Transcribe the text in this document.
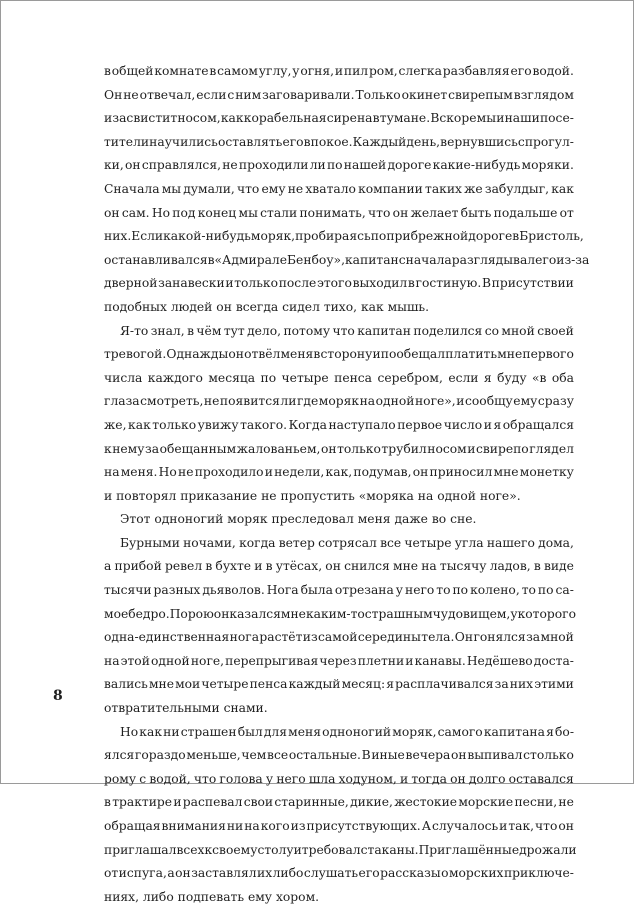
в общей комнате в самом углу, у огня, и пил ром, слегка разбавляя его водой.
Он не отвечал, если с ним заговаривали. Только окинет свирепым взглядом
и засвистит носом, как корабельная сирена в тумане. Вскоре мы и наши посе-
тители научились оставлять его в покое. Каждый день, вернувшись с прогул-
ки, он справлялся, не проходили ли по нашей дороге какие-нибудь моряки.
Сначала мы думали, что ему не хватало компании таких же забулдыг, как
он сам. Но под конец мы стали понимать, что он желает быть подальше от
них. Если какой-нибудь моряк, пробираясь по прибрежной дороге в Бристоль,
останавливался в «Адмирале Бенбоу», капитан сначала разглядывал его из-за
дверной занавески и только после этого выходил в гостиную. В присутствии
подобных людей он всегда сидел тихо, как мышь.
Я-то знал, в чём тут дело, потому что капитан поделился со мной своей
тревогой. Однажды он отвёл меня в сторону и пообещал платить мне первого
числа каждого месяца по четыре пенса серебром, если я буду «в оба
глаза смотреть, не появится ли где моряк на одной ноге», и сообщу ему сразу
же, как только увижу такого. Когда наступало первое число и я обращался
к нему за обещанным жалованьем, он только трубил носом и свирепо глядел
на меня. Но не проходило и недели, как, подумав, он приносил мне монетку
и повторял приказание не пропустить «моряка на одной ноге».
Этот одноногий моряк преследовал меня даже во сне.
Бурными ночами, когда ветер сотрясал все четыре угла нашего дома,
а прибой ревел в бухте и в утёсах, он снился мне на тысячу ладов, в виде
тысячи разных дьяволов. Нога была отрезана у него то по колено, то по са-
мое бедро. Порою он казался мне каким-то страшным чудовищем, у которого
одна-единственная нога растёт из самой середины тела. Он гонялся за мной
на этой одной ноге, перепрыгивая через плетни и канавы. Недёшево доста-
вались мне мои четыре пенса каждый месяц: я расплачивался за них этими
отвратительными снами.
Но как ни страшен был для меня одноногий моряк, самого капитана я бо-
ялся гораздо меньше, чем все остальные. В иные вечера он выпивал столько
рому с водой, что голова у него шла ходуном, и тогда он долго оставался
в трактире и распевал свои старинные, дикие, жестокие морские песни, не
обращая внимания ни на кого из присутствующих. А случалось и так, что он
приглашал всех к своему столу и требовал стаканы. Приглашённые дрожали
от испуга, а он заставлял их либо слушать его рассказы о морских приключе-
ниях, либо подпевать ему хором.
8
